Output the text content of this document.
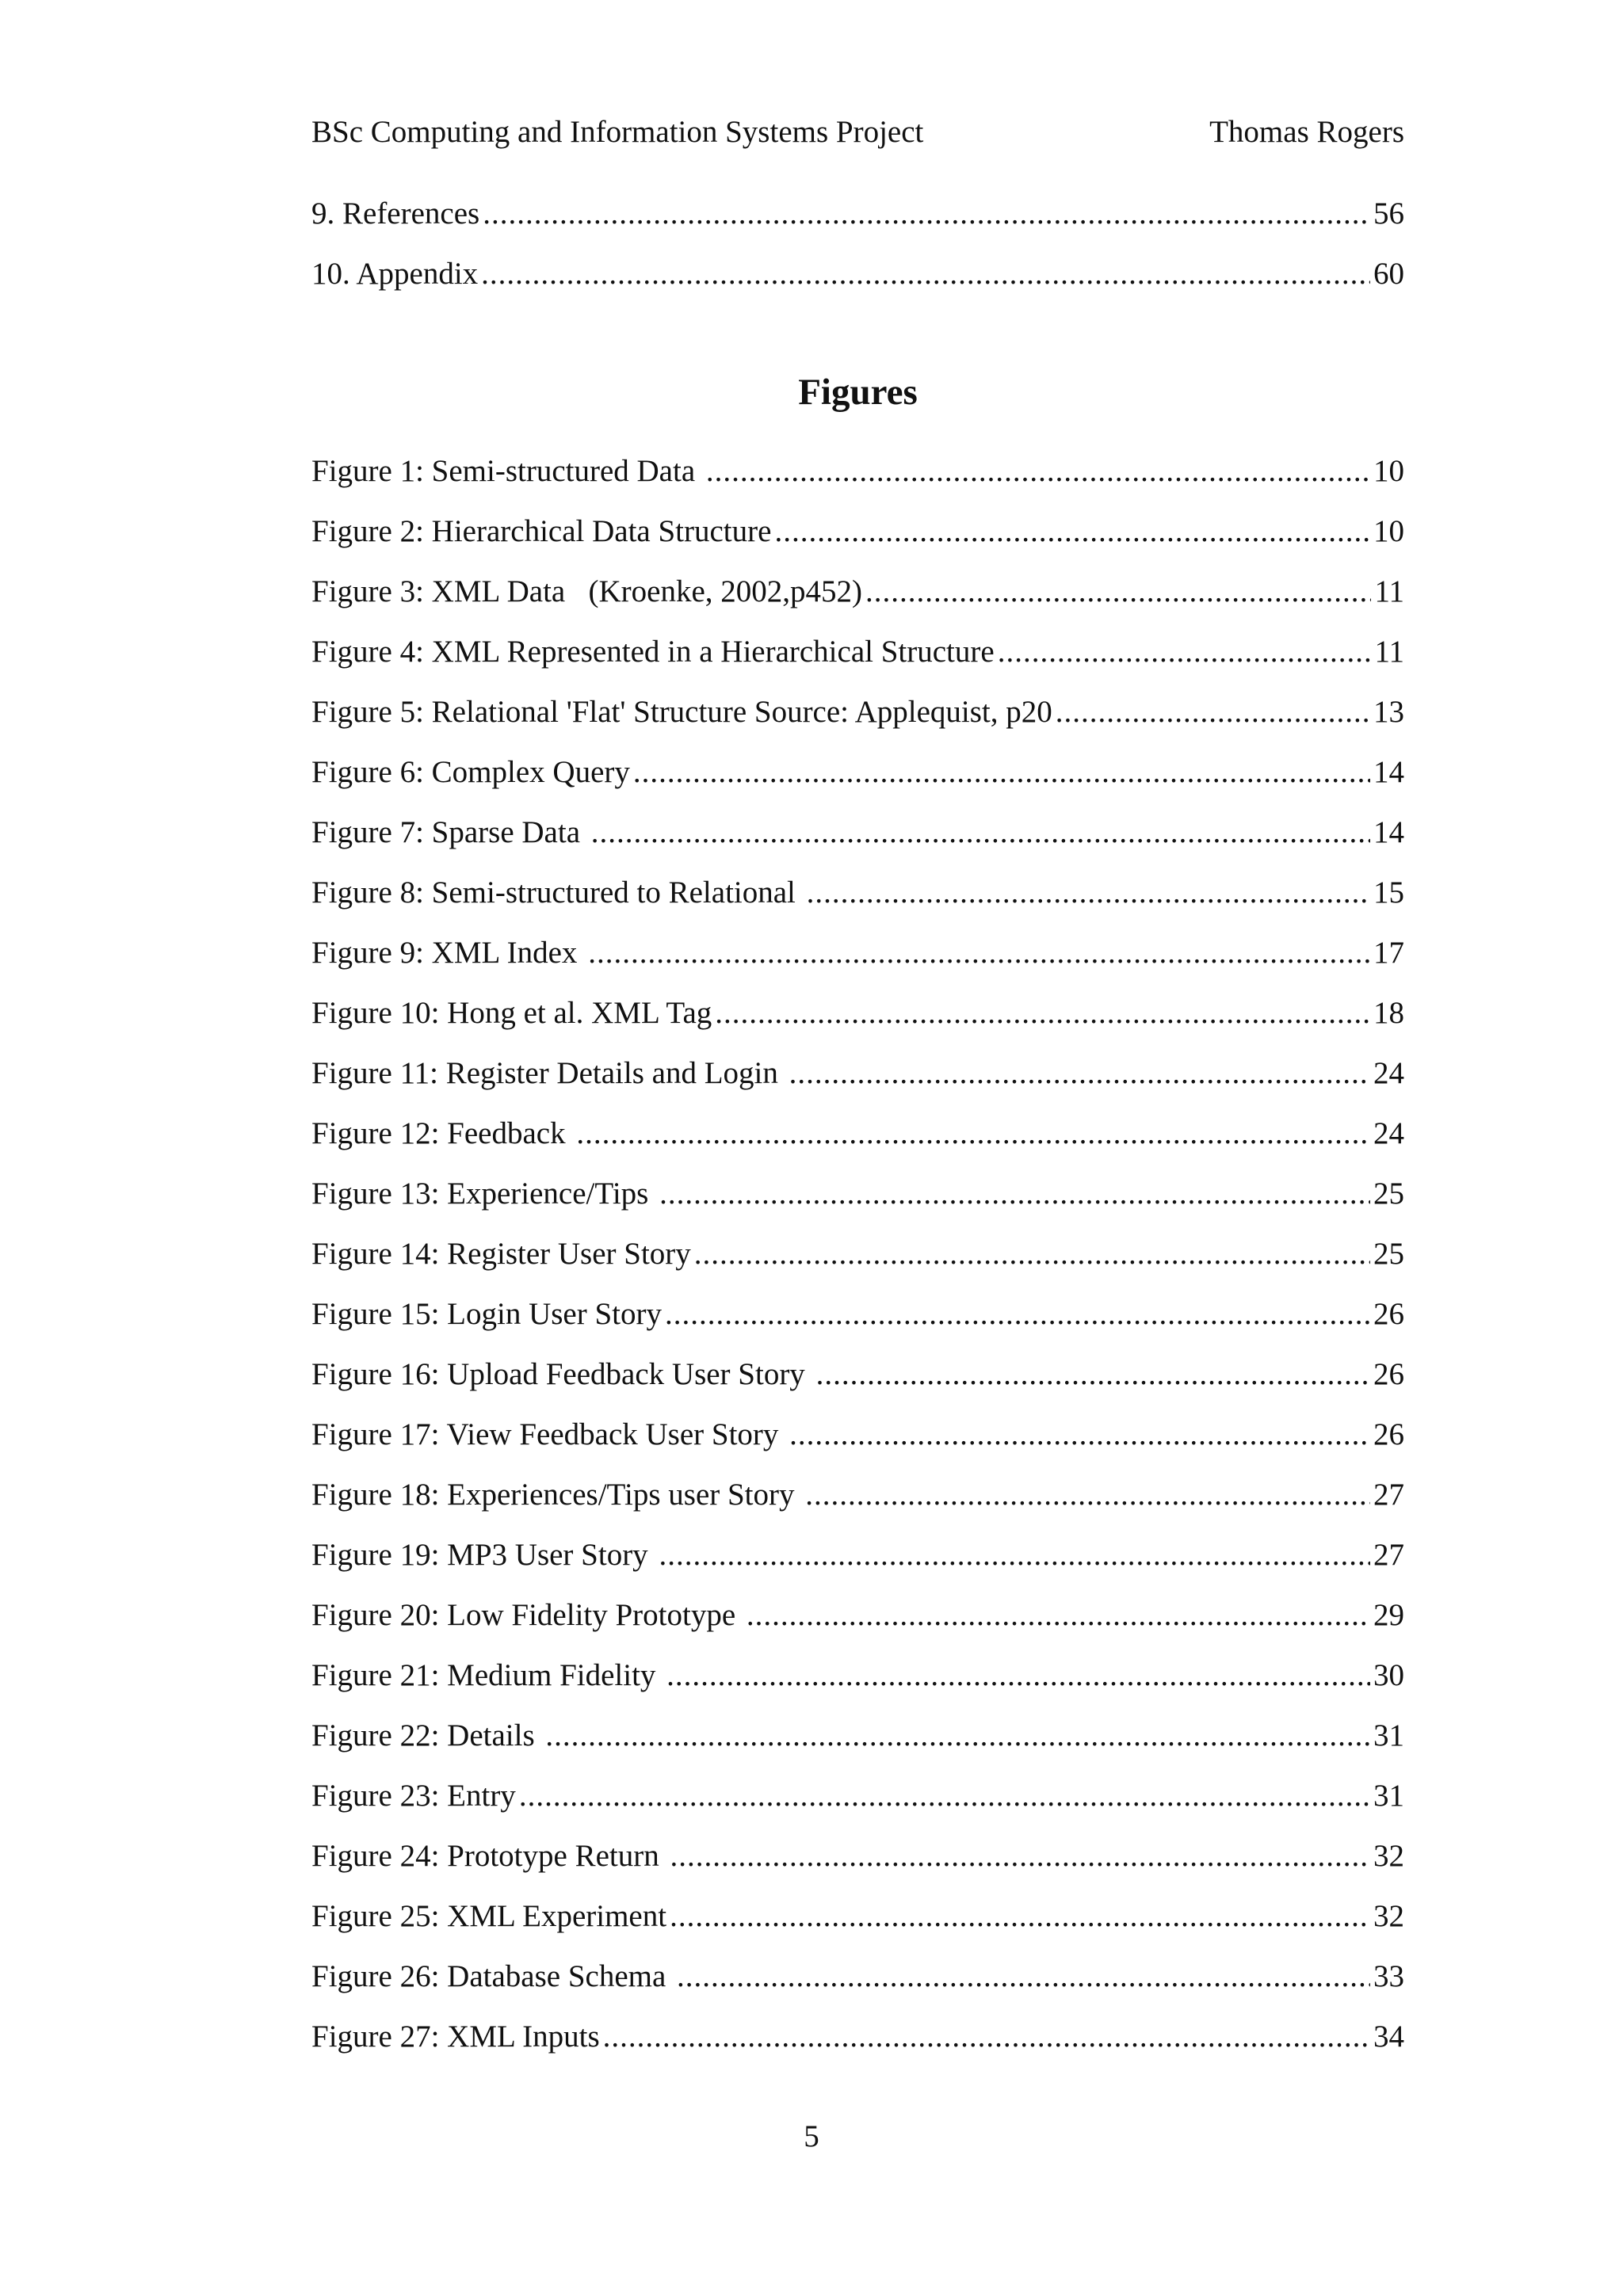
BSc Computing and Information Systems Project	Thomas Rogers
9. References .....	56
10. Appendix .....	60
Figures
Figure 1: Semi-structured Data .....	10
Figure 2: Hierarchical Data Structure .....	10
Figure 3: XML Data   (Kroenke, 2002,p452) .....	11
Figure 4: XML Represented in a Hierarchical Structure .....	11
Figure 5: Relational 'Flat' Structure Source: Applequist, p20 .....	13
Figure 6: Complex Query .....	14
Figure 7: Sparse Data .....	14
Figure 8: Semi-structured to Relational .....	15
Figure 9: XML Index .....	17
Figure 10: Hong et al. XML Tag .....	18
Figure 11: Register Details and Login .....	24
Figure 12: Feedback .....	24
Figure 13: Experience/Tips .....	25
Figure 14: Register User Story .....	25
Figure 15: Login User Story .....	26
Figure 16: Upload Feedback User Story .....	26
Figure 17: View Feedback User Story .....	26
Figure 18: Experiences/Tips user Story .....	27
Figure 19: MP3 User Story .....	27
Figure 20: Low Fidelity Prototype .....	29
Figure 21: Medium Fidelity .....	30
Figure 22: Details .....	31
Figure 23: Entry .....	31
Figure 24: Prototype Return .....	32
Figure 25: XML Experiment .....	32
Figure 26: Database Schema .....	33
Figure 27: XML Inputs .....	34
5
